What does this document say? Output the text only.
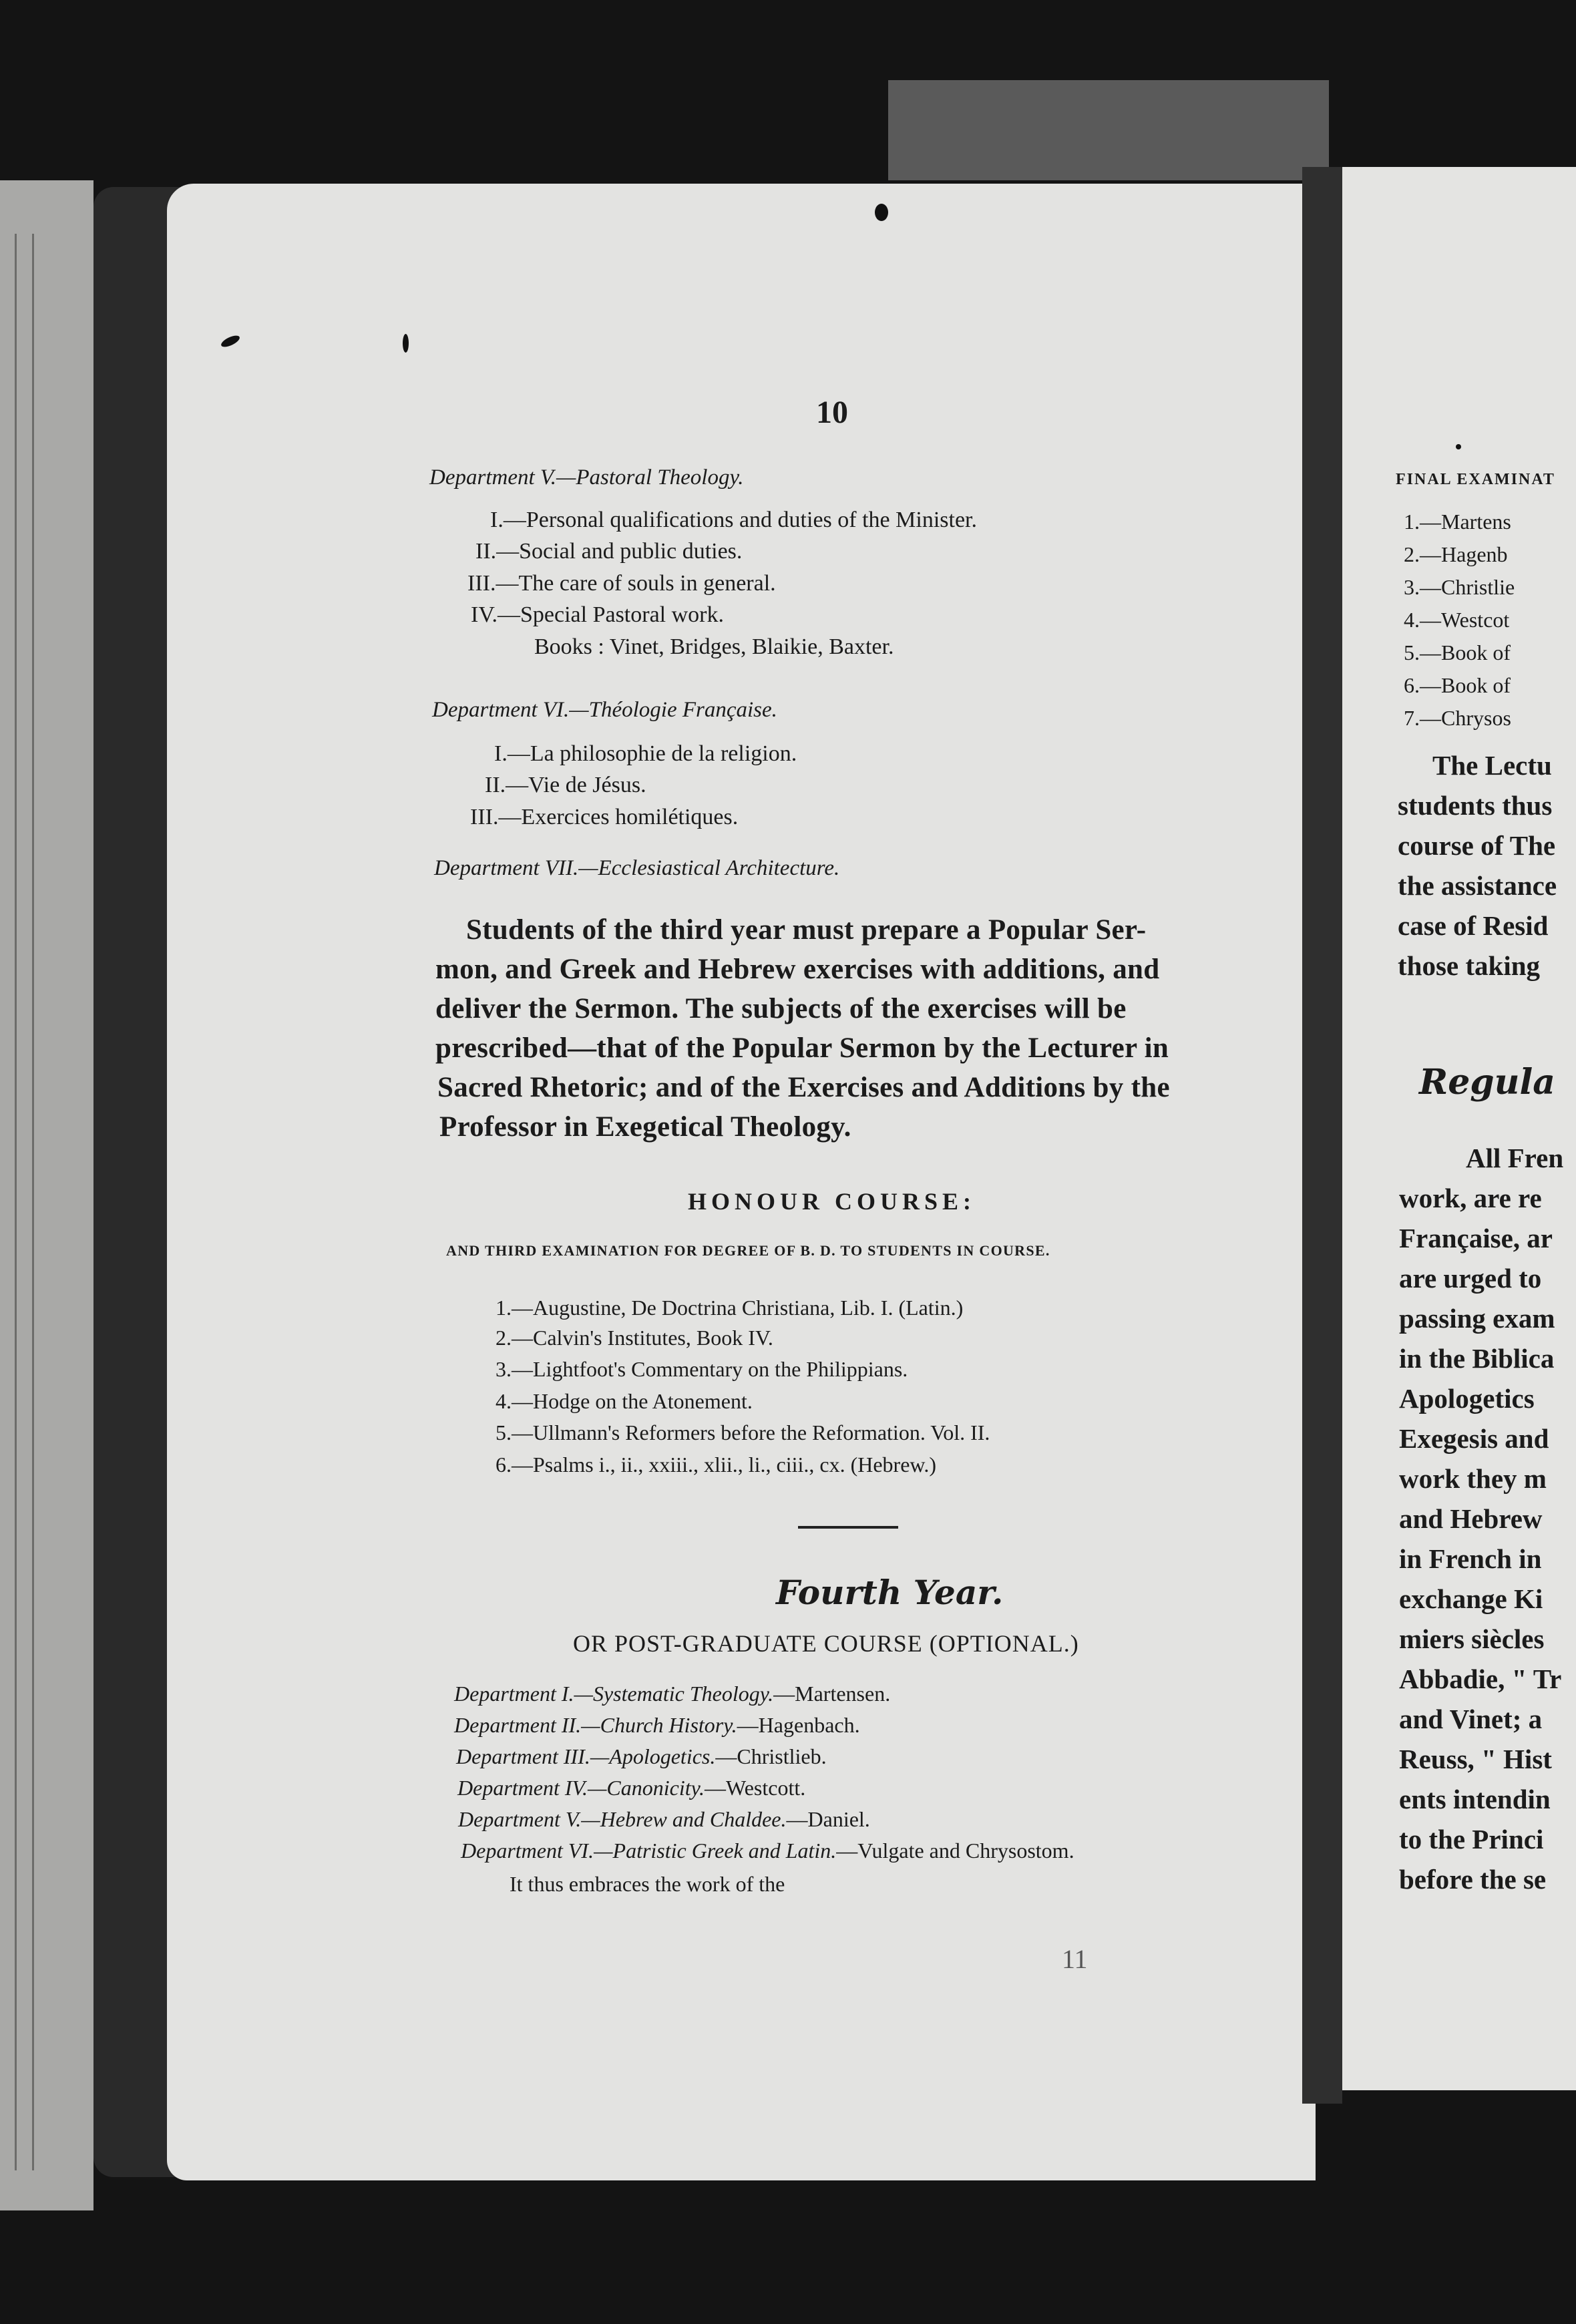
10
Department V.—Pastoral Theology.
I.—Personal qualifications and duties of the Minister.
II.—Social and public duties.
III.—The care of souls in general.
IV.—Special Pastoral work.
Books : Vinet, Bridges, Blaikie, Baxter.
Department VI.—Théologie Française.
I.—La philosophie de la religion.
II.—Vie de Jésus.
III.—Exercices homilétiques.
Department VII.—Ecclesiastical Architecture.
Students of the third year must prepare a Popular Ser-
mon, and Greek and Hebrew exercises with additions, and
deliver the Sermon. The subjects of the exercises will be
prescribed—that of the Popular Sermon by the Lecturer in
Sacred Rhetoric; and of the Exercises and Additions by the
Professor in Exegetical Theology.
HONOUR COURSE:
AND THIRD EXAMINATION FOR DEGREE OF B. D. TO STUDENTS IN COURSE.
1.—Augustine, De Doctrina Christiana, Lib. I. (Latin.)
2.—Calvin's Institutes, Book IV.
3.—Lightfoot's Commentary on the Philippians.
4.—Hodge on the Atonement.
5.—Ullmann's Reformers before the Reformation. Vol. II.
6.—Psalms i., ii., xxiii., xlii., li., ciii., cx. (Hebrew.)
Fourth Year.
OR POST-GRADUATE COURSE (OPTIONAL.)
Department I.—Systematic Theology.—Martensen.
Department II.—Church History.—Hagenbach.
Department III.—Apologetics.—Christlieb.
Department IV.—Canonicity.—Westcott.
Department V.—Hebrew and Chaldee.—Daniel.
Department VI.—Patristic Greek and Latin.—Vulgate and Chrysostom.
It thus embraces the work of the
11
FINAL EXAMINAT
1.—Martens
2.—Hagenb
3.—Christlie
4.—Westcot
5.—Book of
6.—Book of
7.—Chrysos
The Lectu
students thus
course of The
the assistance
case of Resid
those taking
Regula
All Fren
work, are re
Française, ar
are urged to
passing exam
in the Biblica
Apologetics
Exegesis and
work they m
and Hebrew
in French in
exchange Ki
miers siècles
Abbadie, " Tr
and Vinet; a
Reuss, " Hist
ents intendin
to the Princi
before the se
